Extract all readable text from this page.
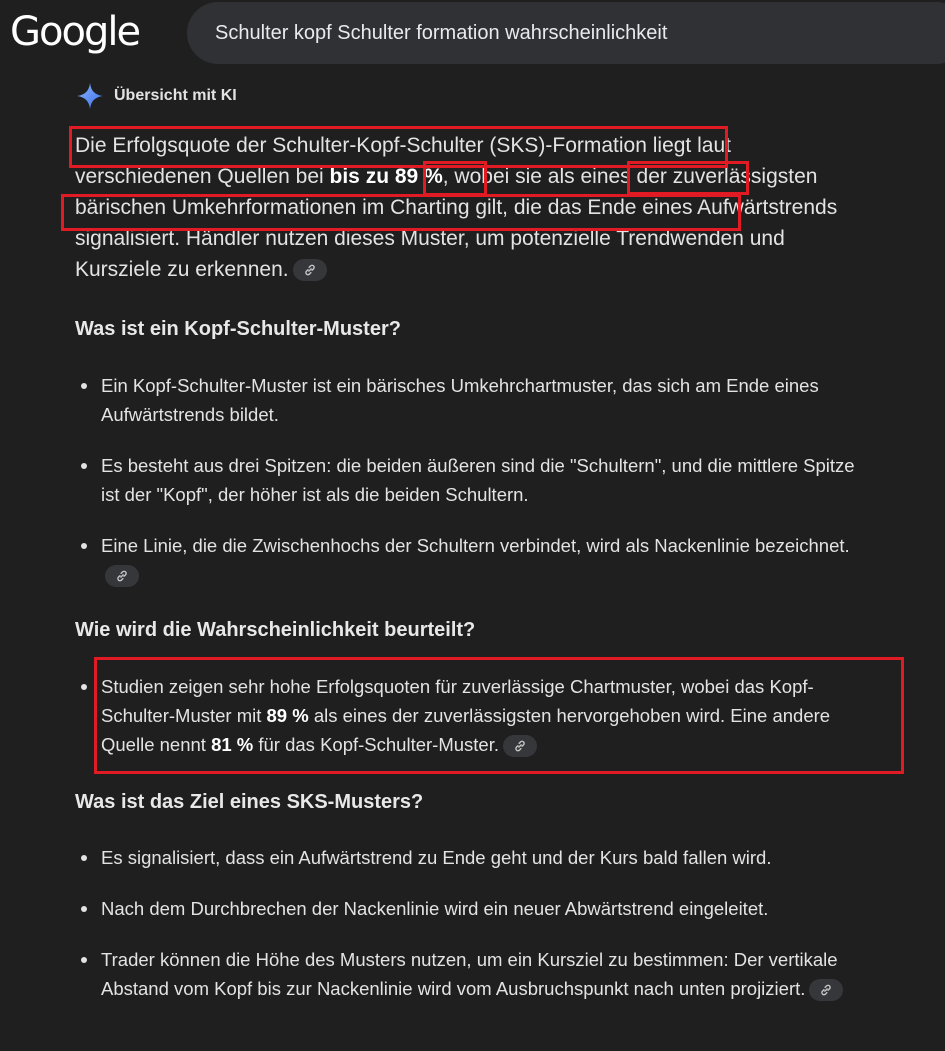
Google	Schulter kopf Schulter formation wahrscheinlichkeit
Übersicht mit KI

Die Erfolgsquote der Schulter-Kopf-Schulter (SKS)-Formation liegt laut verschiedenen Quellen bei bis zu 89 %, wobei sie als eines der zuverlässigsten bärischen Umkehrformationen im Charting gilt, die das Ende eines Aufwärtstrends signalisiert. Händler nutzen dieses Muster, um potenzielle Trendwenden und Kursziele zu erkennen.

Was ist ein Kopf-Schulter-Muster?
Ein Kopf-Schulter-Muster ist ein bärisches Umkehrchartmuster, das sich am Ende eines Aufwärtstrends bildet.
Es besteht aus drei Spitzen: die beiden äußeren sind die "Schultern", und die mittlere Spitze ist der "Kopf", der höher ist als die beiden Schultern.
Eine Linie, die die Zwischenhochs der Schultern verbindet, wird als Nackenlinie bezeichnet.
Wie wird die Wahrscheinlichkeit beurteilt?
Studien zeigen sehr hohe Erfolgsquoten für zuverlässige Chartmuster, wobei das Kopf-Schulter-Muster mit 89 % als eines der zuverlässigsten hervorgehoben wird. Eine andere Quelle nennt 81 % für das Kopf-Schulter-Muster.
Was ist das Ziel eines SKS-Musters?
Es signalisiert, dass ein Aufwärtstrend zu Ende geht und der Kurs bald fallen wird.
Nach dem Durchbrechen der Nackenlinie wird ein neuer Abwärtstrend eingeleitet.
Trader können die Höhe des Musters nutzen, um ein Kursziel zu bestimmen: Der vertikale Abstand vom Kopf bis zur Nackenlinie wird vom Ausbruchspunkt nach unten projiziert.
